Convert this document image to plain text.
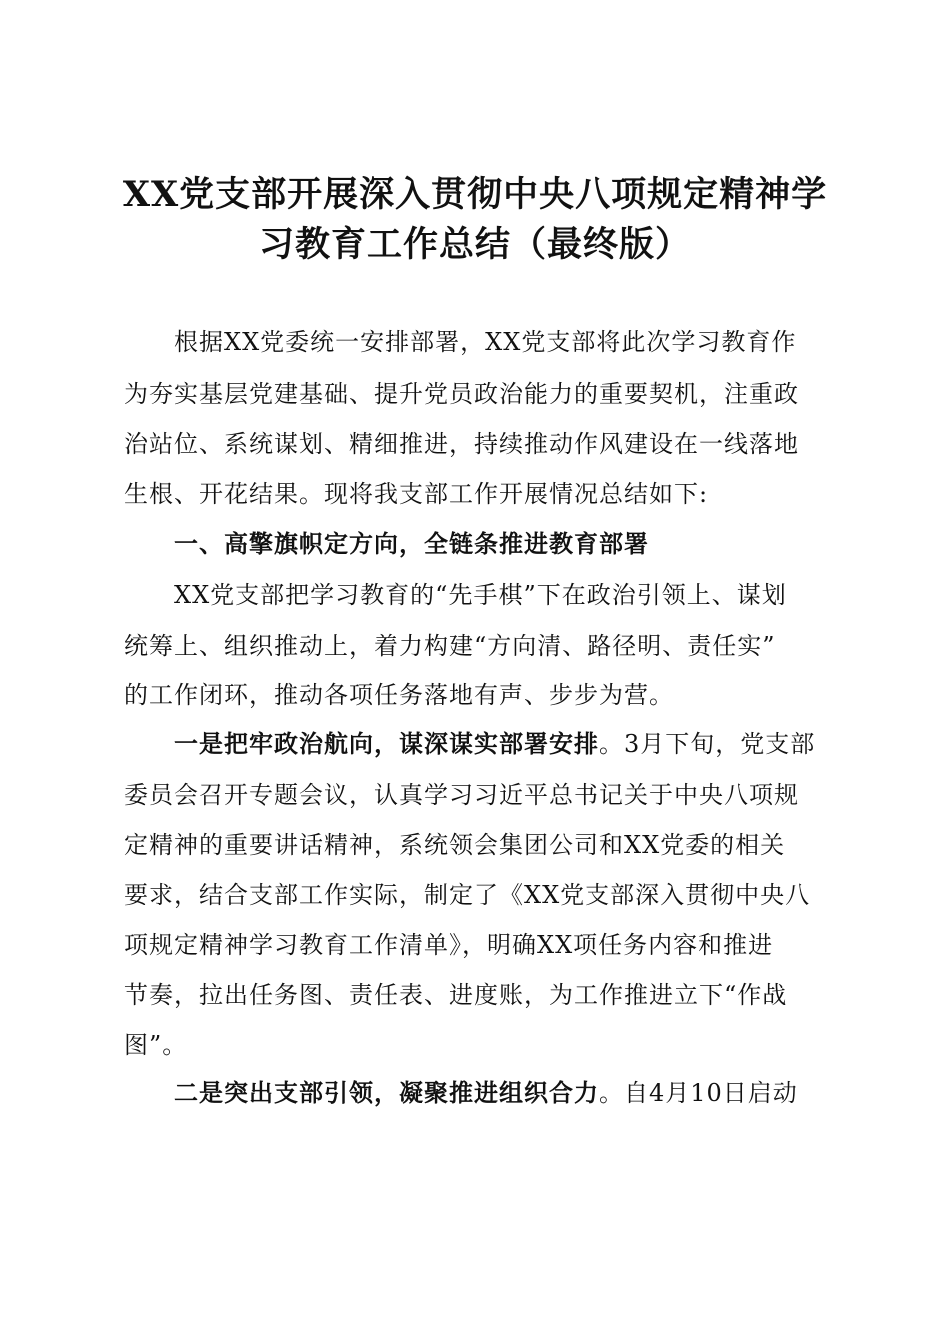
XX党支部开展深入贯彻中央八项规定精神学
习教育工作总结（最终版）

根据XX党委统一安排部署，XX党支部将此次学习教育作

为夯实基层党建基础、提升党员政治能力的重要契机，注重政

治站位、系统谋划、精细推进，持续推动作风建设在一线落地

生根、开花结果。现将我支部工作开展情况总结如下:

一、高擎旗帜定方向，全链条推进教育部署

XX党支部把学习教育的“先手棋”下在政治引领上、谋划

统筹上、组织推动上，着力构建“方向清、路径明、责任实”

的工作闭环，推动各项任务落地有声、步步为营。

一是把牢政治航向，谋深谋实部署安排。3月下旬，党支部

委员会召开专题会议，认真学习习近平总书记关于中央八项规

定精神的重要讲话精神，系统领会集团公司和XX党委的相关

要求，结合支部工作实际，制定了《XX党支部深入贯彻中央八

项规定精神学习教育工作清单》，明确XX项任务内容和推进

节奏，拉出任务图、责任表、进度账，为工作推进立下“作战

图”。

二是突出支部引领，凝聚推进组织合力。自4月10日启动
